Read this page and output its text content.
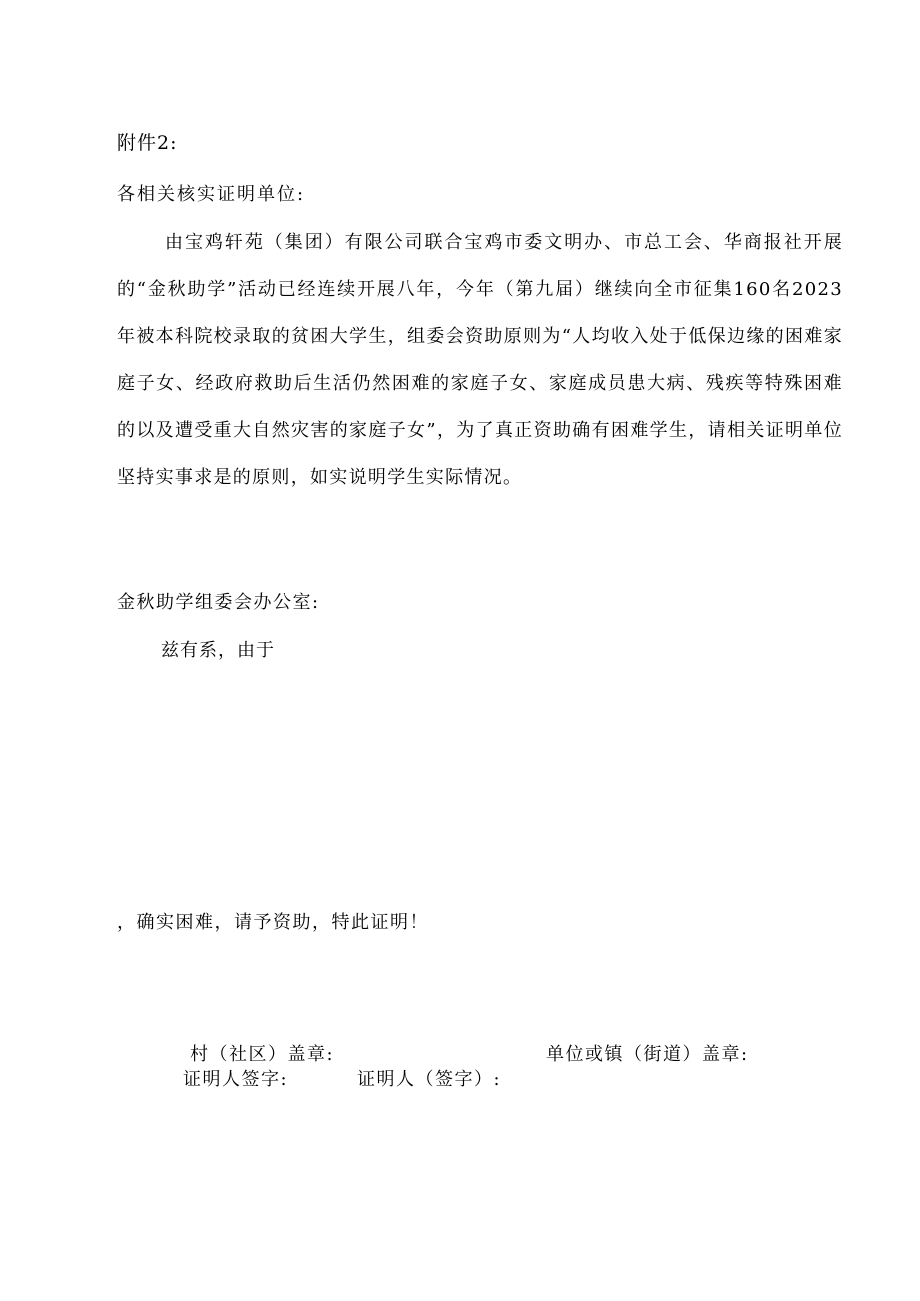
附件2:
各相关核实证明单位:
由宝鸡轩苑（集团）有限公司联合宝鸡市委文明办、市总工会、华商报社开展的“金秋助学”活动已经连续开展八年，今年（第九届）继续向全市征集160名2023年被本科院校录取的贫困大学生，组委会资助原则为“人均收入处于低保边缘的困难家庭子女、经政府救助后生活仍然困难的家庭子女、家庭成员患大病、残疾等特殊困难的以及遭受重大自然灾害的家庭子女”，为了真正资助确有困难学生，请相关证明单位坚持实事求是的原则，如实说明学生实际情况。
金秋助学组委会办公室:
兹有系，由于
，确实困难，请予资助，特此证明！
村（社区）盖章:	单位或镇（街道）盖章:
证明人签字:	证明人（签字）:
